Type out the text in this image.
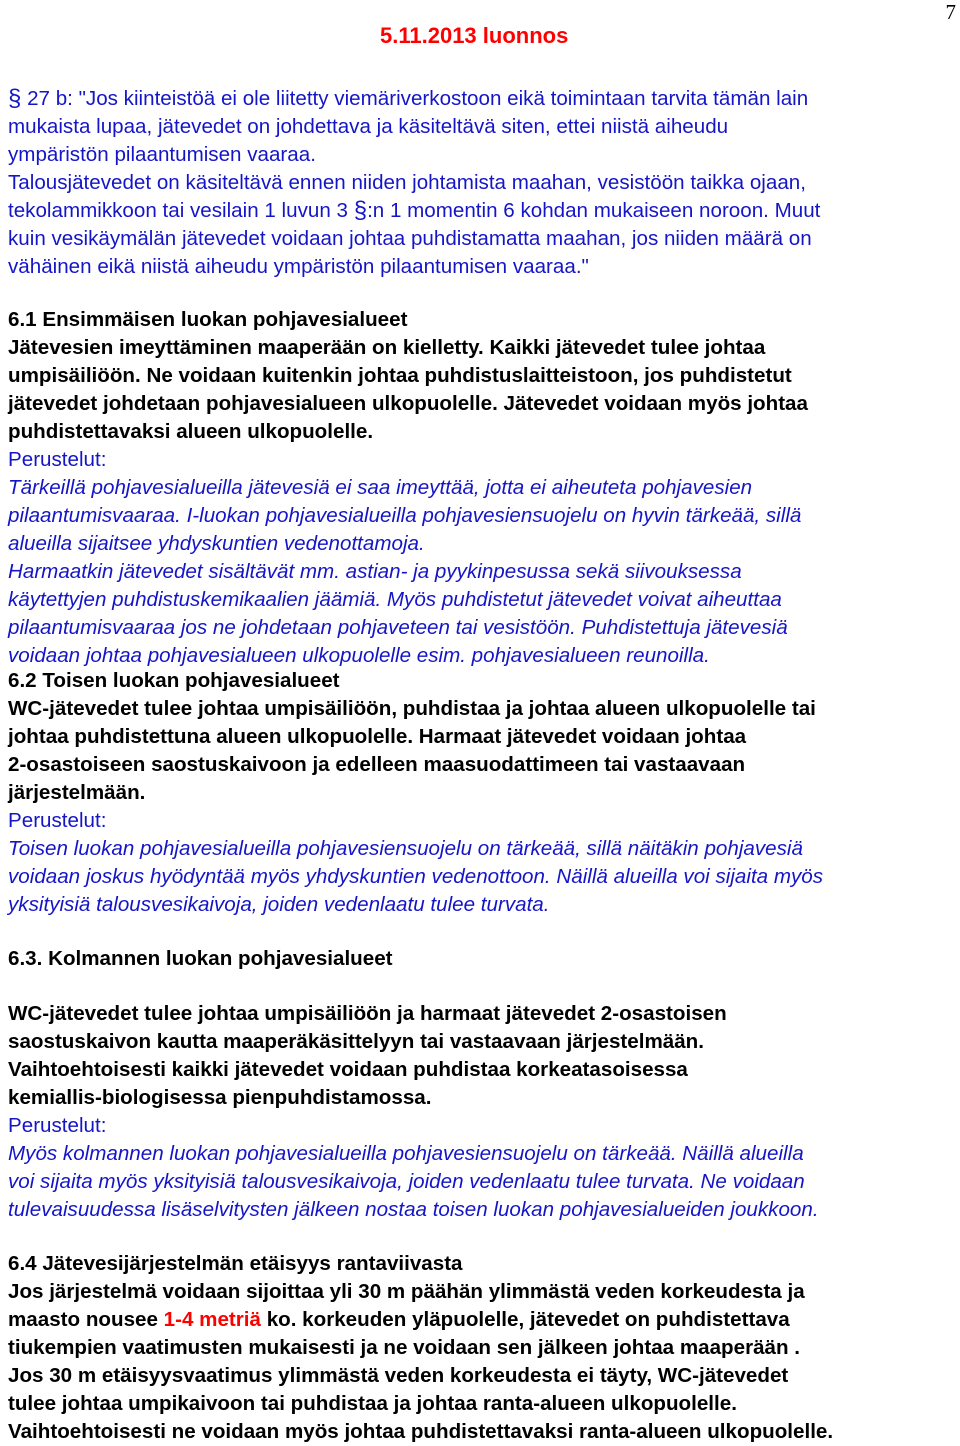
7
5.11.2013 luonnos
§ 27 b: "Jos kiinteistöä ei ole liitetty viemäriverkostoon eikä toimintaan tarvita tämän lain
mukaista lupaa, jätevedet on johdettava ja käsiteltävä siten, ettei niistä aiheudu
ympäristön pilaantumisen vaaraa.
Talousjätevedet on käsiteltävä ennen niiden johtamista maahan, vesistöön taikka ojaan,
tekolammikkoon tai vesilain 1 luvun 3 §:n 1 momentin 6 kohdan mukaiseen noroon. Muut
kuin vesikäymälän jätevedet voidaan johtaa puhdistamatta maahan, jos niiden määrä on
vähäinen eikä niistä aiheudu ympäristön pilaantumisen vaaraa."
6.1 Ensimmäisen luokan pohjavesialueet
Jätevesien imeyttäminen maaperään on kielletty. Kaikki jätevedet tulee johtaa
umpisäiliöön. Ne voidaan kuitenkin johtaa puhdistuslaitteistoon, jos puhdistetut
jätevedet johdetaan pohjavesialueen ulkopuolelle. Jätevedet voidaan myös johtaa
puhdistettavaksi alueen ulkopuolelle.
Perustelut:
Tärkeillä pohjavesialueilla jätevesiä ei saa imeyttää, jotta ei aiheuteta pohjavesien
pilaantumisvaaraa. I-luokan pohjavesialueilla pohjavesiensuojelu on hyvin tärkeää, sillä
alueilla sijaitsee yhdyskuntien vedenottamoja.
Harmaatkin jätevedet sisältävät mm. astian- ja pyykinpesussa sekä siivouksessa
käytettyjen puhdistuskemikaalien jäämiä. Myös puhdistetut jätevedet voivat aiheuttaa
pilaantumisvaaraa jos ne johdetaan pohjaveteen tai vesistöön. Puhdistettuja jätevesiä
voidaan johtaa pohjavesialueen ulkopuolelle esim. pohjavesialueen reunoilla.
6.2 Toisen luokan pohjavesialueet
WC-jätevedet tulee johtaa umpisäiliöön, puhdistaa ja johtaa alueen ulkopuolelle tai
johtaa puhdistettuna alueen ulkopuolelle. Harmaat jätevedet voidaan johtaa
2-osastoiseen saostuskaivoon ja edelleen maasuodattimeen tai vastaavaan
järjestelmään.
Perustelut:
Toisen luokan pohjavesialueilla pohjavesiensuojelu on tärkeää, sillä näitäkin pohjavesiä
voidaan joskus hyödyntää myös yhdyskuntien vedenottoon. Näillä alueilla voi sijaita myös
yksityisiä talousvesikaivoja, joiden vedenlaatu tulee turvata.
6.3. Kolmannen luokan pohjavesialueet
WC-jätevedet tulee johtaa umpisäiliöön ja harmaat jätevedet 2-osastoisen
saostuskaivon kautta maaperäkäsittelyyn tai vastaavaan järjestelmään.
Vaihtoehtoisesti kaikki jätevedet voidaan puhdistaa korkeatasoisessa
kemiallis-biologisessa pienpuhdistamossa.
Perustelut:
Myös kolmannen luokan pohjavesialueilla pohjavesiensuojelu on tärkeää. Näillä alueilla
voi sijaita myös yksityisiä talousvesikaivoja, joiden vedenlaatu tulee turvata. Ne voidaan
tulevaisuudessa lisäselvitysten jälkeen nostaa toisen luokan pohjavesialueiden joukkoon.
6.4 Jätevesijärjestelmän etäisyys rantaviivasta
Jos järjestelmä voidaan sijoittaa yli 30 m päähän ylimmästä veden korkeudesta ja
maasto nousee 1-4 metriä ko. korkeuden yläpuolelle, jätevedet on puhdistettava
tiukempien vaatimusten mukaisesti ja ne voidaan sen jälkeen johtaa maaperään .
Jos 30 m etäisyysvaatimus ylimmästä veden korkeudesta ei täyty, WC-jätevedet
tulee johtaa umpikaivoon tai puhdistaa ja johtaa ranta-alueen ulkopuolelle.
Vaihtoehtoisesti ne voidaan myös johtaa puhdistettavaksi ranta-alueen ulkopuolelle.
